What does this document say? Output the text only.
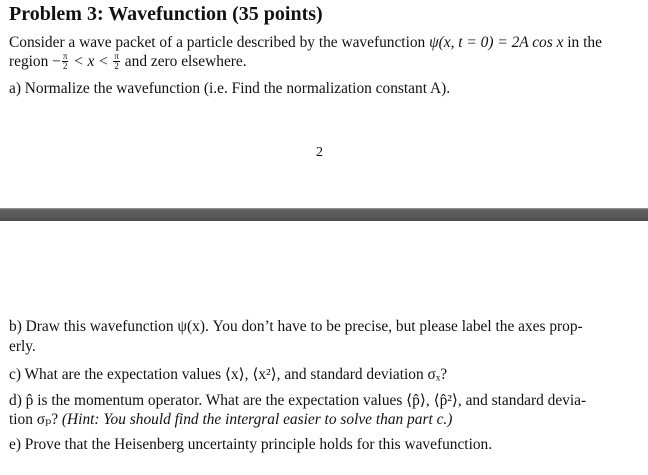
Problem 3: Wavefunction (35 points)

Consider a wave packet of a particle described by the wavefunction ψ(x, t = 0) = 2A cos x in the

region − $\frac{\pi}{2} < x < \frac{\pi}{2}$ and zero elsewhere.

a) Normalize the wavefunction (i.e. Find the normalization constant A).

2

b) Draw this wavefunction ψ(x). You don’t have to be precise, but please label the axes prop-

erly.

c) What are the expectation values ⟨x⟩, ⟨x²⟩, and standard deviation σₓ?

d) p̂ is the momentum operator. What are the expectation values ⟨p̂⟩, ⟨p̂²⟩, and standard devia-

tion σₚ? (Hint: You should find the intergral easier to solve than part c.)

e) Prove that the Heisenberg uncertainty principle holds for this wavefunction.
